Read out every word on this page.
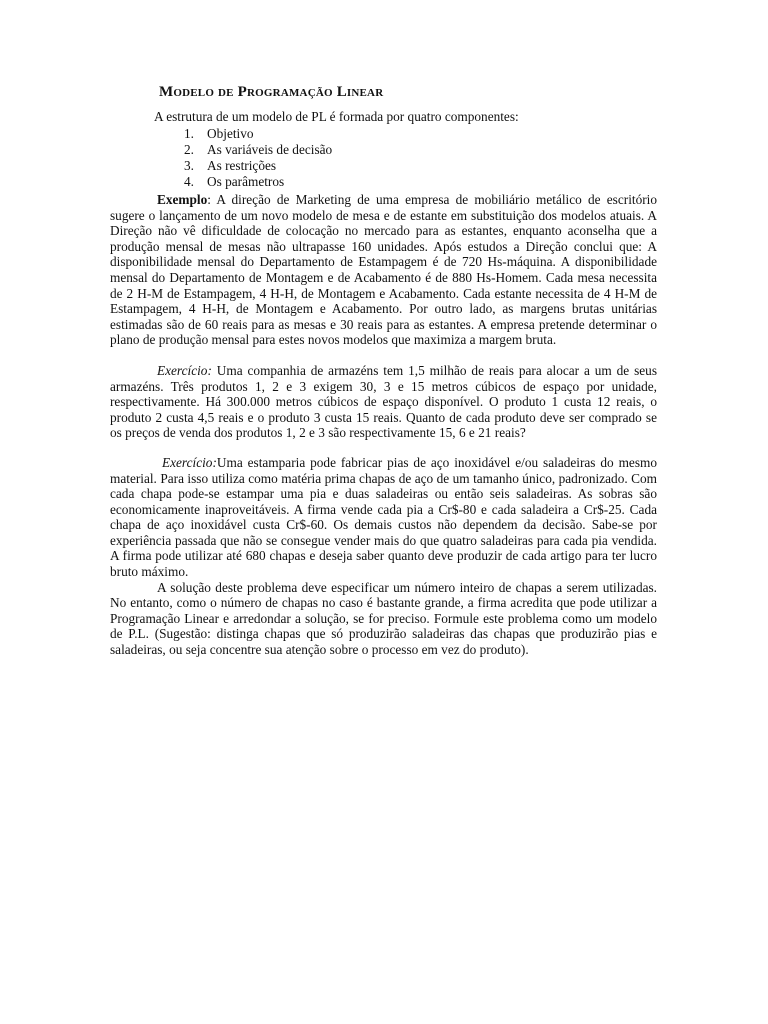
Modelo de Programação Linear

A estrutura de um modelo de PL é formada por quatro componentes:

1. Objetivo
2. As variáveis de decisão
3. As restrições
4. Os parâmetros

Exemplo: A direção de Marketing de uma empresa de mobiliário metálico de escritório sugere o lançamento de um novo modelo de mesa e de estante em substituição dos modelos atuais. A Direção não vê dificuldade de colocação no mercado para as estantes, enquanto aconselha que a produção mensal de mesas não ultrapasse 160 unidades. Após estudos a Direção conclui que: A disponibilidade mensal do Departamento de Estampagem é de 720 Hs-máquina. A disponibilidade mensal do Departamento de Montagem e de Acabamento é de 880 Hs-Homem. Cada mesa necessita de 2 H-M de Estampagem, 4 H-H, de Montagem e Acabamento. Cada estante necessita de 4 H-M de Estampagem, 4 H-H, de Montagem e Acabamento. Por outro lado, as margens brutas unitárias estimadas são de 60 reais para as mesas e 30 reais para as estantes. A empresa pretende determinar o plano de produção mensal para estes novos modelos que maximiza a margem bruta.

Exercício: Uma companhia de armazéns tem 1,5 milhão de reais para alocar a um de seus armazéns. Três produtos 1, 2 e 3 exigem 30, 3 e 15 metros cúbicos de espaço por unidade, respectivamente. Há 300.000 metros cúbicos de espaço disponível. O produto 1 custa 12 reais, o produto 2 custa 4,5 reais e o produto 3 custa 15 reais. Quanto de cada produto deve ser comprado se os preços de venda dos produtos 1, 2 e 3 são respectivamente 15, 6 e 21 reais?

Exercício:Uma estamparia pode fabricar pias de aço inoxidável e/ou saladeiras do mesmo material. Para isso utiliza como matéria prima chapas de aço de um tamanho único, padronizado. Com cada chapa pode-se estampar uma pia e duas saladeiras ou então seis saladeiras. As sobras são economicamente inaproveitáveis. A firma vende cada pia a Cr$-80 e cada saladeira a Cr$-25. Cada chapa de aço inoxidável custa Cr$-60. Os demais custos não dependem da decisão. Sabe-se por experiência passada que não se consegue vender mais do que quatro saladeiras para cada pia vendida. A firma pode utilizar até 680 chapas e deseja saber quanto deve produzir de cada artigo para ter lucro bruto máximo.

A solução deste problema deve especificar um número inteiro de chapas a serem utilizadas. No entanto, como o número de chapas no caso é bastante grande, a firma acredita que pode utilizar a Programação Linear e arredondar a solução, se for preciso. Formule este problema como um modelo de P.L. (Sugestão: distinga chapas que só produzirão saladeiras das chapas que produzirão pias e saladeiras, ou seja concentre sua atenção sobre o processo em vez do produto).
